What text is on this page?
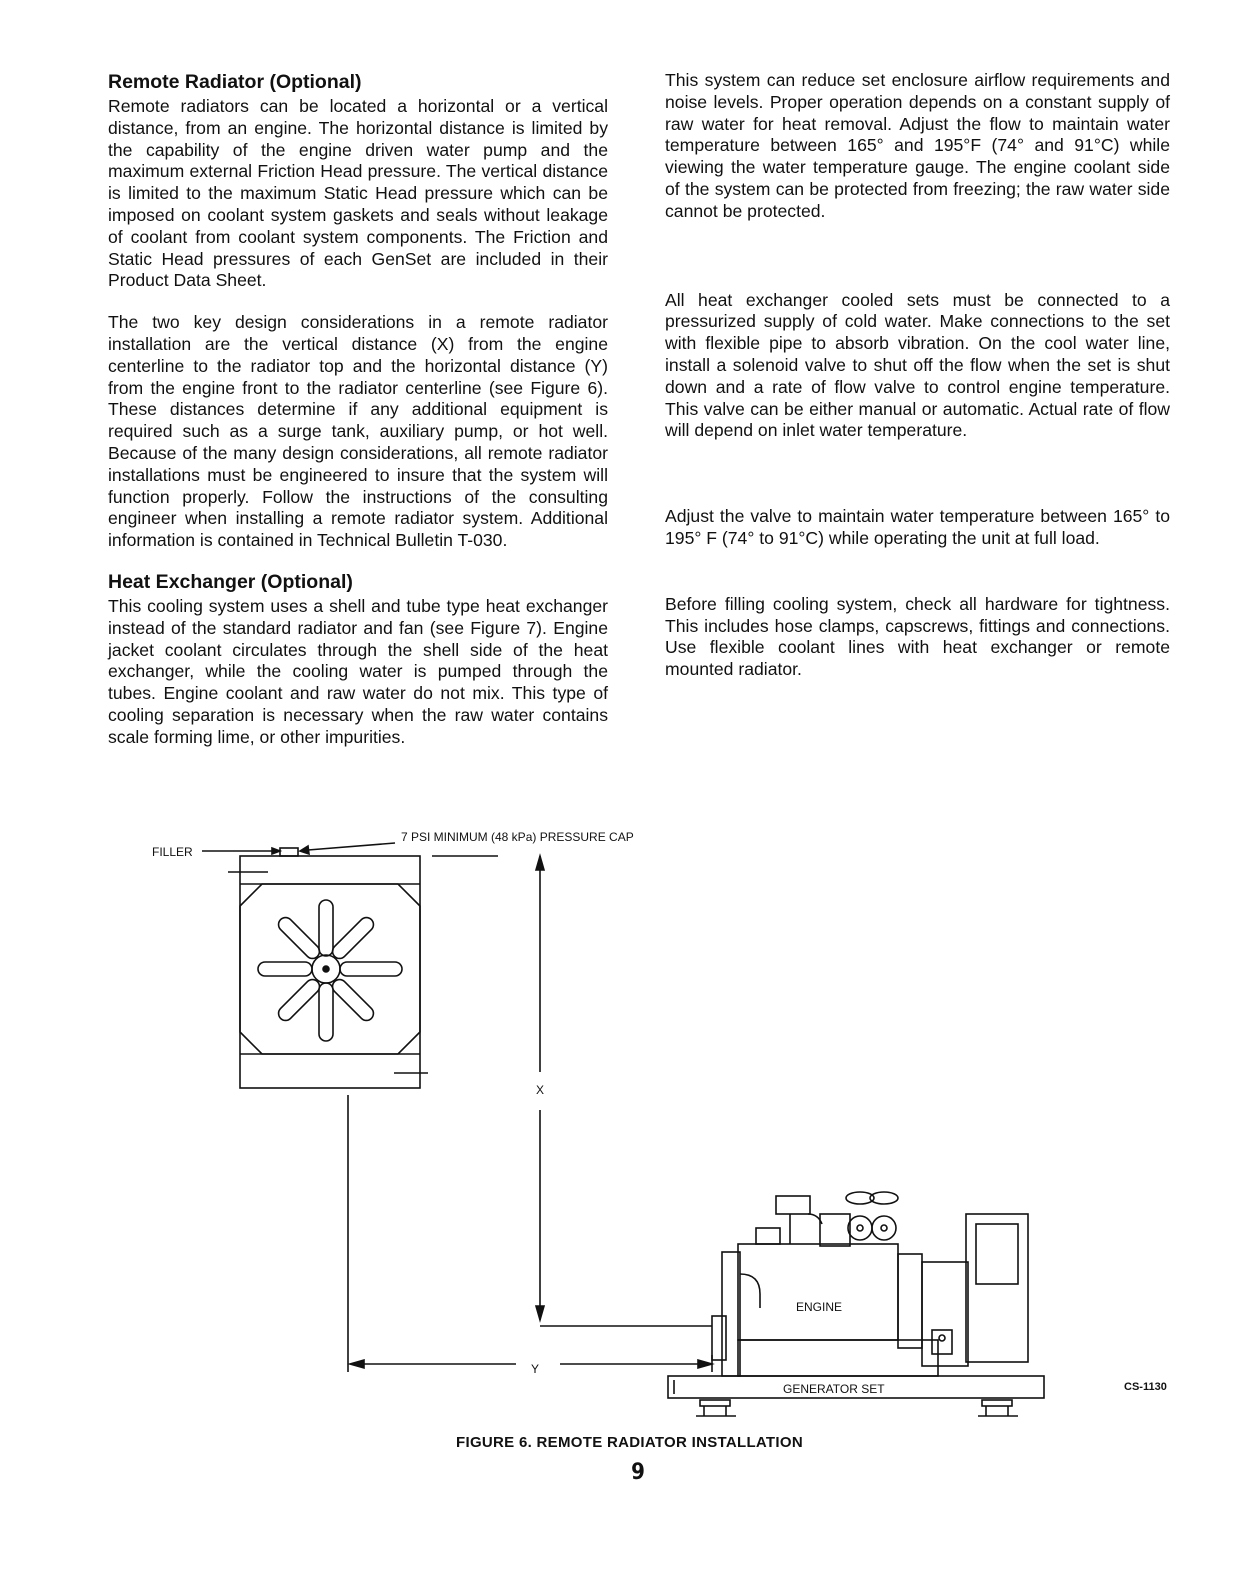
Remote Radiator (Optional)

Remote radiators can be located a horizontal or a vertical distance, from an engine. The horizontal distance is limited by the capability of the engine driven water pump and the maximum external Friction Head pressure. The vertical distance is limited to the maximum Static Head pressure which can be imposed on coolant system gaskets and seals without leakage of coolant from coolant system components. The Friction and Static Head pressures of each GenSet are included in their Product Data Sheet.

The two key design considerations in a remote radiator installation are the vertical distance (X) from the engine centerline to the radiator top and the horizontal distance (Y) from the engine front to the radiator centerline (see Figure 6). These distances determine if any additional equipment is required such as a surge tank, auxiliary pump, or hot well. Because of the many design considerations, all remote radiator installations must be engineered to insure that the system will function properly. Follow the instructions of the consulting engineer when installing a remote radiator system. Additional information is contained in Technical Bulletin T-030.

Heat Exchanger (Optional)

This cooling system uses a shell and tube type heat exchanger instead of the standard radiator and fan (see Figure 7). Engine jacket coolant circulates through the shell side of the heat exchanger, while the cooling water is pumped through the tubes. Engine coolant and raw water do not mix. This type of cooling separation is necessary when the raw water contains scale forming lime, or other impurities.

This system can reduce set enclosure airflow requirements and noise levels. Proper operation depends on a constant supply of raw water for heat removal. Adjust the flow to maintain water temperature between 165° and 195°F (74° and 91°C) while viewing the water temperature gauge. The engine coolant side of the system can be protected from freezing; the raw water side cannot be protected.

All heat exchanger cooled sets must be connected to a pressurized supply of cold water. Make connections to the set with flexible pipe to absorb vibration. On the cool water line, install a solenoid valve to shut off the flow when the set is shut down and a rate of flow valve to control engine temperature. This valve can be either manual or automatic. Actual rate of flow will depend on inlet water temperature.

Adjust the valve to maintain water temperature between 165° to 195° F (74° to 91°C) while operating the unit at full load.

Before filling cooling system, check all hardware for tightness. This includes hose clamps, capscrews, fittings and connections. Use flexible coolant lines with heat exchanger or remote mounted radiator.

FILLER
7 PSI MINIMUM (48 kPa) PRESSURE CAP
X
Y
ENGINE
GENERATOR SET	CS-1130
FIGURE 6. REMOTE RADIATOR INSTALLATION
9
